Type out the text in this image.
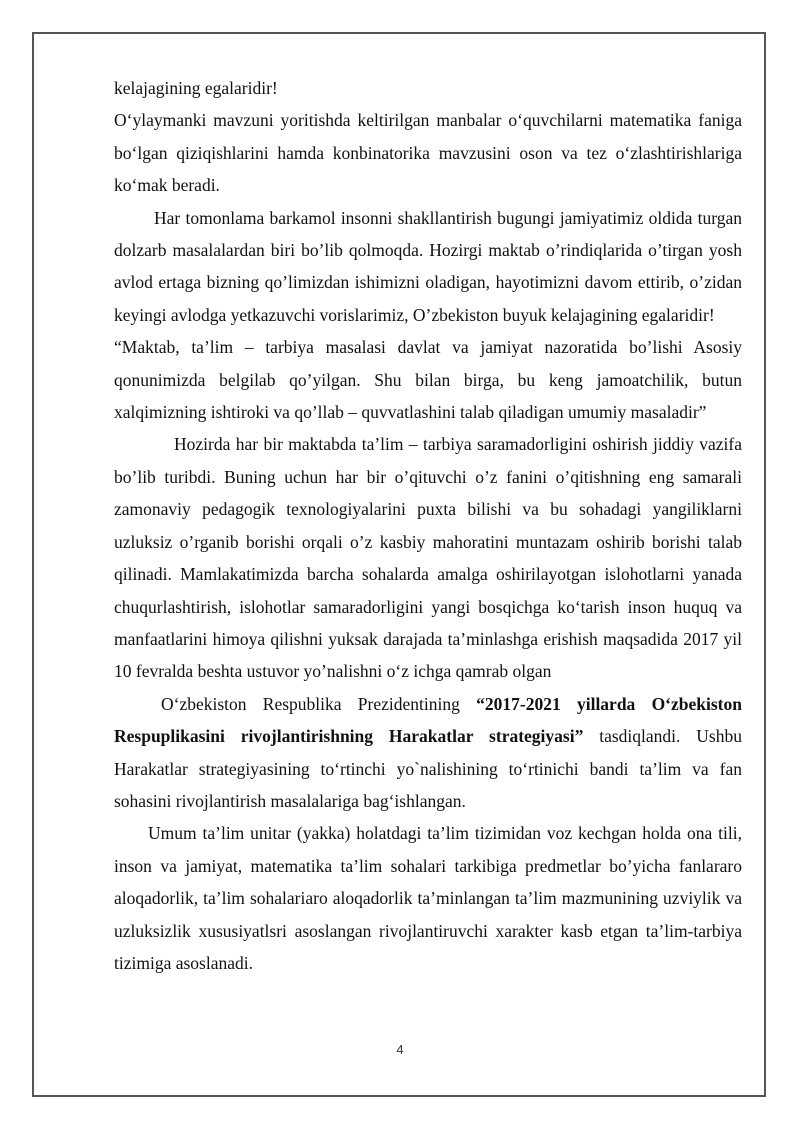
kelajagining egalaridir!

O‘ylaymanki mavzuni yoritishda keltirilgan manbalar o‘quvchilarni matematika faniga bo‘lgan qiziqishlarini hamda konbinatorika mavzusini oson va tez o‘zlashtirishlariga ko‘mak beradi.

Har tomonlama barkamol insonni shakllantirish bugungi jamiyatimiz oldida turgan dolzarb masalalardan biri bo’lib qolmoqda. Hozirgi maktab o’rindiqlarida o’tirgan yosh avlod ertaga bizning qo’limizdan ishimizni oladigan, hayotimizni davom ettirib, o’zidan keyingi avlodga yetkazuvchi vorislarimiz, O’zbekiston buyuk kelajagining egalaridir!

“Maktab, ta’lim – tarbiya masalasi davlat va jamiyat nazoratida bo’lishi Asosiy qonunimizda belgilab qo’yilgan. Shu bilan birga, bu keng jamoatchilik, butun xalqimizning ishtiroki va qo’llab – quvvatlashini talab qiladigan umumiy masaladir”

Hozirda har bir maktabda ta’lim – tarbiya saramadorligini oshirish jiddiy vazifa bo’lib turibdi. Buning uchun har bir o’qituvchi o’z fanini o’qitishning eng samarali zamonaviy pedagogik texnologiyalarini puxta bilishi va bu sohadagi yangiliklarni uzluksiz o’rganib borishi orqali o’z kasbiy mahoratini muntazam oshirib borishi talab qilinadi. Mamlakatimizda barcha sohalarda amalga oshirilayotgan islohotlarni yanada chuqurlashtirish, islohotlar samaradorligini yangi bosqichga ko‘tarish inson huquq va manfaatlarini himoya qilishni yuksak darajada ta’minlashga erishish maqsadida 2017 yil 10 fevralda beshta ustuvor yo’nalishni o‘z ichga qamrab olgan

O‘zbekiston Respublika Prezidentining “2017-2021 yillarda O‘zbekiston Respuplikasini rivojlantirishning Harakatlar strategiyasi” tasdiqlandi. Ushbu Harakatlar strategiyasining to‘rtinchi yo`nalishining to‘rtinichi bandi ta’lim va fan sohasini rivojlantirish masalalariga bag‘ishlangan.

Umum ta’lim unitar (yakka) holatdagi ta’lim tizimidan voz kechgan holda ona tili, inson va jamiyat, matematika ta’lim sohalari tarkibiga predmetlar bo’yicha fanlararo aloqadorlik, ta’lim sohalariaro aloqadorlik ta’minlangan ta’lim mazmunining uzviylik va uzluksizlik xususiyatlsri asoslangan rivojlantiruvchi xarakter kasb etgan ta’lim-tarbiya tizimiga asoslanadi.

4
